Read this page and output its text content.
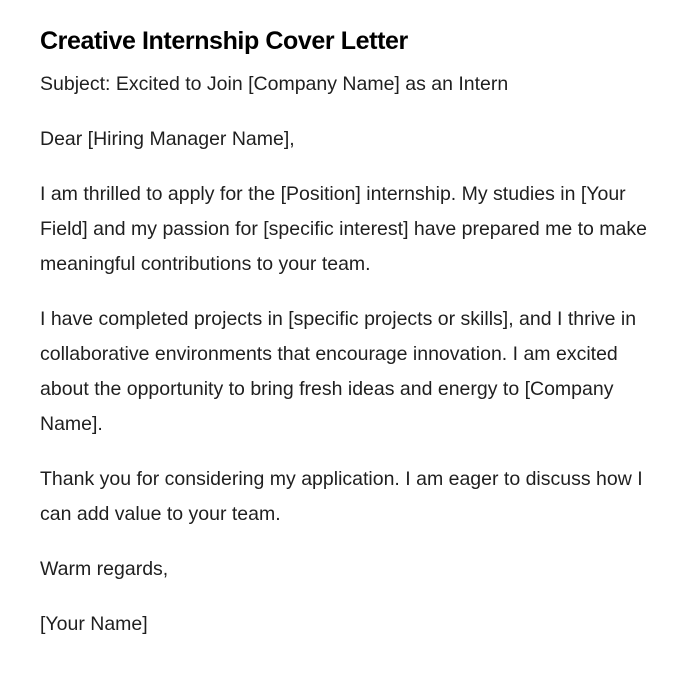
Creative Internship Cover Letter

Subject: Excited to Join [Company Name] as an Intern

Dear [Hiring Manager Name],

I am thrilled to apply for the [Position] internship. My studies in [Your Field] and my passion for [specific interest] have prepared me to make meaningful contributions to your team.

I have completed projects in [specific projects or skills], and I thrive in collaborative environments that encourage innovation. I am excited about the opportunity to bring fresh ideas and energy to [Company Name].

Thank you for considering my application. I am eager to discuss how I can add value to your team.

Warm regards,

[Your Name]
